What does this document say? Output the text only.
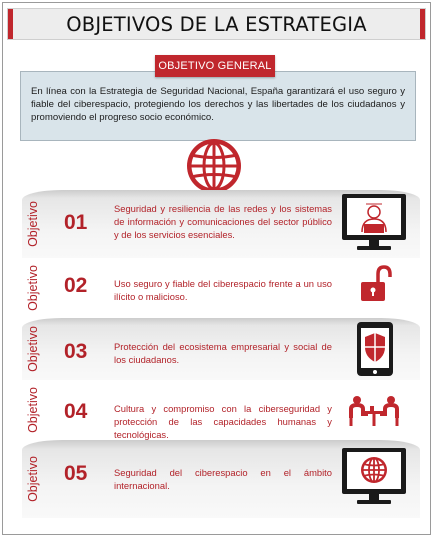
OBJETIVOS DE LA ESTRATEGIA
OBJETIVO GENERAL

En línea con la Estrategia de Seguridad Nacional, España garantizará el uso seguro y fiable del ciberespacio, protegiendo los derechos y las libertades de los ciudadanos y promoviendo el progreso socio económico.

Objetivo 01
Seguridad y resiliencia de las redes y los sistemas de información y comunicaciones del sector público y de los servicios esenciales.
Objetivo 02	Uso seguro y fiable del ciberespacio frente a un uso ilícito o malicioso.
Objetivo 03	Protección del ecosistema empresarial y social de los ciudadanos.
Objetivo 04	Cultura y compromiso con la ciberseguridad y protección de las capacidades humanas y tecnológicas.
Objetivo 05	Seguridad del ciberespacio en el ámbito internacional.
